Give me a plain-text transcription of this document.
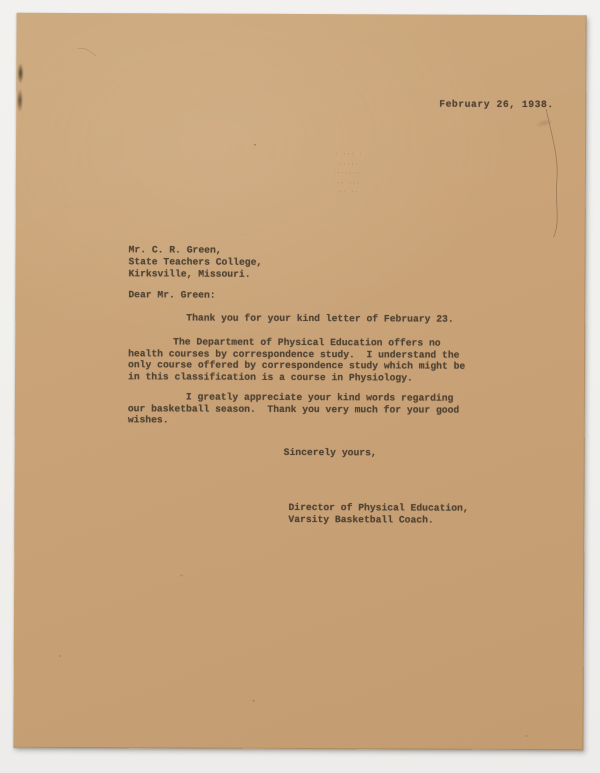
February 26, 1938.
· ··· ·
·····
······
·· ···
·· ··
Mr. C. R. Green,
State Teachers College,
Kirksville, Missouri.
Dear Mr. Green:
Thank you for your kind letter of February 23.
The Department of Physical Education offers no
health courses by correspondence study.  I understand the
only course offered by correspondence study which might be
in this classification is a course in Physiology.
I greatly appreciate your kind words regarding
our basketball season.  Thank you very much for your good
wishes.
Sincerely yours,
Director of Physical Education,
Varsity Basketball Coach.
